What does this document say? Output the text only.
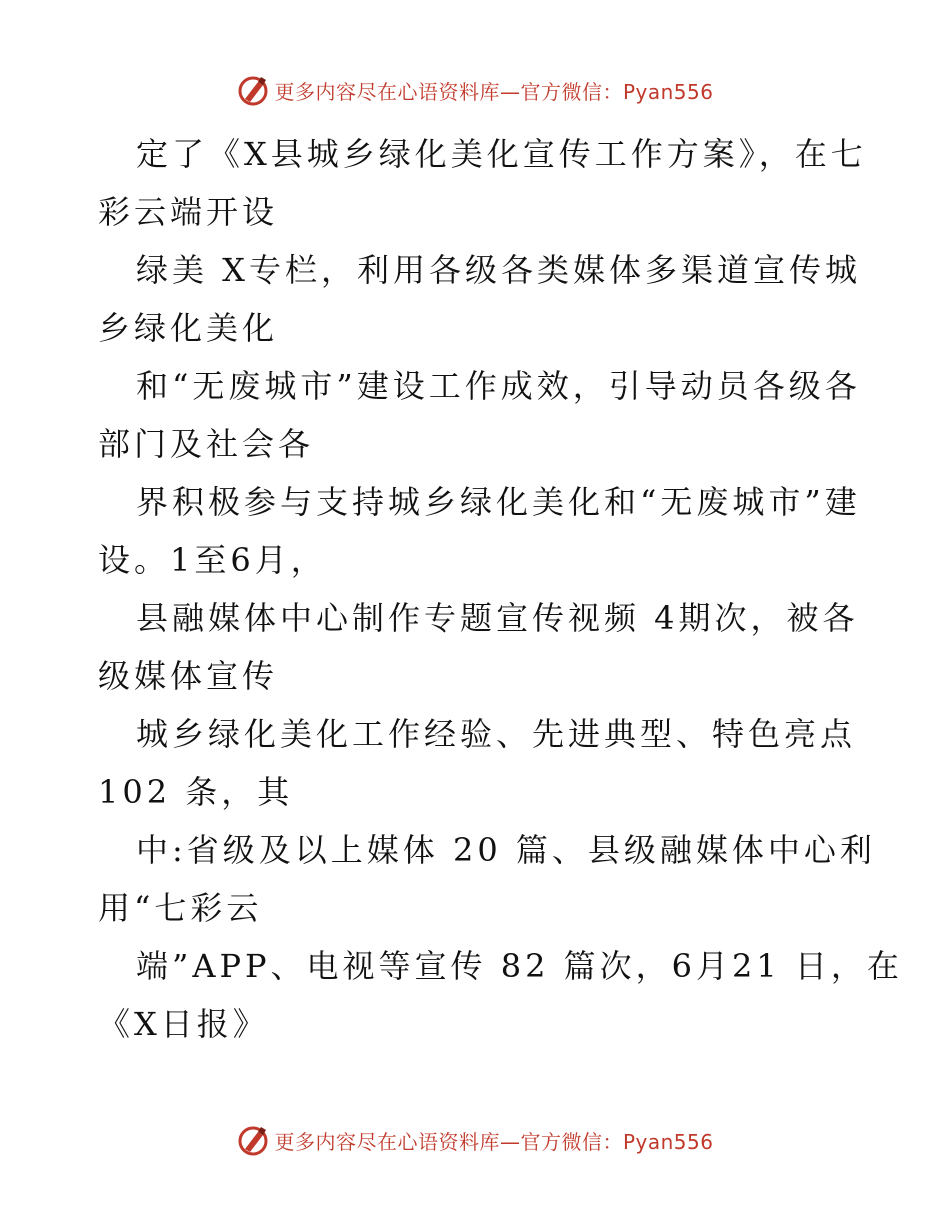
更多内容尽在心语资料库—官方微信：Pyan556
定了《X县城乡绿化美化宣传工作方案》，在七
彩云端开设
绿美 X专栏，利用各级各类媒体多渠道宣传城
乡绿化美化
和“无废城市”建设工作成效，引导动员各级各
部门及社会各
界积极参与支持城乡绿化美化和“无废城市”建
设。1至6月，
县融媒体中心制作专题宣传视频 4期次，被各
级媒体宣传
城乡绿化美化工作经验、先进典型、特色亮点
102 条，其
中:省级及以上媒体 20 篇、县级融媒体中心利
用“七彩云
端”APP、电视等宣传 82 篇次，6月21 日，在
《X日报》
更多内容尽在心语资料库—官方微信：Pyan556
